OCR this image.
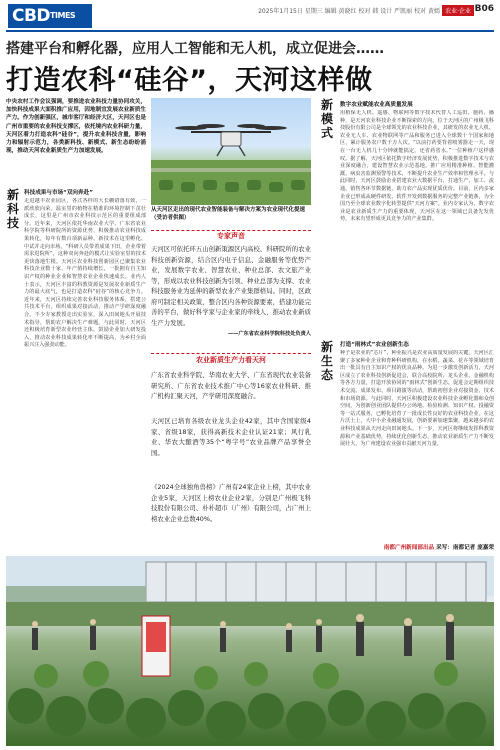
CBDTIMES	2025年1月15日 星期三 编辑 黄晓红 校对 韩 设计 严凯丽 校对 黄嫣 农业·企业 B06
搭建平台和孵化器，应用人工智能和无人机，成立促进会……
打造农科“硅谷”，天河这样做
中央农村工作会议强调，要推进农业科技力量协同攻关，加快科技成果大面积推广应用，因地制宜发展农业新质生产力。作为创新强区，城市客厅和经济大区，天河区也是广州市重要的农业科技支撑区，依托境内农业科研力量，天河区着力打造农科“硅谷”，提升农业科技含量，影响力和辐射示范力，各类新科技、新模式、新生态纷纷涌现，推动天河农业新质生产力加速发展。
新科技
科技成果与市场“双向奔赴”
走进越丰农业园区，各式各样的大长棚错落有致，一派欣欣向荣。温室里的植物在精准的环境控制下茁壮成长，这里是广州市农业科技示范区的重要组成部分。近年来，天河区依托华南农业大学、广东省农业科学院等科研院所的资源优势，积极推动农业科技成果转化，每年有数百项新品种、新技术在这里孵化、中试并走向市场。“科研人员带着成果下田，企业带着需求进院所”，这种双向奔赴的模式让实验室里的技术更快落地生根。天河区农业科技创新园区已聚集农业科技企业数十家，年产值持续增长，一批拥有自主知识产权的种业企业和智慧农业企业快速成长。业内人士表示，天河区丰富的科教资源是发展农业新质生产力的最大底气，也是打造农科“硅谷”的核心竞争力。近年来，天河区持续完善农业科技服务体系，搭建公共技术平台，组织成果对接活动，推动产学研深度融合。不少专家教授走出实验室，深入田间地头开展技术指导，帮助农户解决生产难题。与此同时，天河区还积极培育新型农业经营主体，鼓励企业加大研发投入，推动农业科技成果转化率不断提高，为乡村全面振兴注入强劲动能。
从天河区走出的现代农业智能装备与解决方案为农业现代化提速（受访者供图）
专家声音
天河区可依托环五山创新策源区内高校、科研院所的农业科技创新资源，结合区内电子信息、金融服务等优势产业，发展数字农业、智慧农业、种业总部、农文旅产业等，形成以农业科技创新为引领、种业总部为支撑、农业科技服务业为延伸的新型农业产业集群格局。同时，区政府可制定相关政策，整合区内各种资源要素，搭建功能完善的平台，做好科学家与企业家的牵线人，推动农业新质生产力发展。
——广东省农业科学院科技处负责人
农业新质生产力看天河
广东省农业科学院、华南农业大学、广东省现代农业装备研究所、广东省农业技术推广中心等16家农业科研、推广机构汇聚天河，产学研用深度融合。
天河区已培育各级农业龙头企业42家，其中含国家级4家、省级18家，获得高新技术企业认证21家；风行乳业、华农大酿酒等35个“粤字号”农业品牌产品享誉全国。
《2024全球独角兽榜》广州有24家企业上榜，其中农业企业5家，天河区上榜农业企业2家，分别是广州极飞科技股份有限公司、朴朴超市（广州）有限公司，占广州上榜农业企业总数40%。
新模式
数字农业赋能农业高质量发展
用植保无人机、遥感、物联网等数字技术代替人工巡田、施药、播种，是天河农业科技企业不断探索的方向。位于天河区的广州极飞科技股份有限公司是全球领先的农业科技企业，其研发的农业无人机、农业无人车、农业物联网等产品和服务已进入全球数十个国家和地区，累计服务农户数千万人次。“以前打药要背着喷雾器走一天，现在一台无人机几十分钟就能搞定，还省药省水。”一位种植户这样感叹。据了解，天河区依托数字经济发展优势，积极推进数字技术与农业深度融合，建设智慧农业示范基地，推广应用精准种植、智能灌溉、病虫害监测预警等技术，不断提升农业生产效率和管理水平。与此同时，天河区鼓励企业搭建农业大数据平台，打通生产、加工、流通、销售各环节数据链，助力农产品实现优质优价。目前，区内多家企业已形成从硬件研发、软件开发到数据服务的完整产业链条，为全国乃至全球农业数字化转型提供“天河方案”。业内专家认为，数字农业是农业新质生产力的重要体现，天河区在这一领域已具备先发优势，未来有望形成更具竞争力的产业集群。
新生态
打造“雨林式”农业创新生态
种子是农业的“芯片”，种业振兴是农业高质量发展的关键。天河区汇聚了多家种业企业和育种科研机构，在水稻、蔬菜、花卉等领域培育出一批具有自主知识产权的优良品种。为进一步激发创新活力，天河区成立了农业科技创新促进会，联合高校院所、龙头企业、金融机构等各方力量，打造开放协同的“雨林式”创新生态。促进会定期组织技术交流、成果发布、项目路演等活动，帮助初创企业对接资金、技术和市场资源。与此同时，天河区积极建设农业科技企业孵化器和众创空间，为创新创业团队提供办公场地、检验检测、知识产权、投融资等一站式服务，已孵化培育了一批成长性良好的农业科技企业。在这片沃土上，大中小企业融通发展，创新要素加速集聚，越来越多的农业科技成果从天河走向田间地头。下一步，天河区将继续发挥科教资源和产业基础优势，持续优化创新生态，推动农业新质生产力不断发展壮大，为广州建设农业强市贡献天河力量。
南都广州新闻部出品 采写：南都记者 庞嘉荣
